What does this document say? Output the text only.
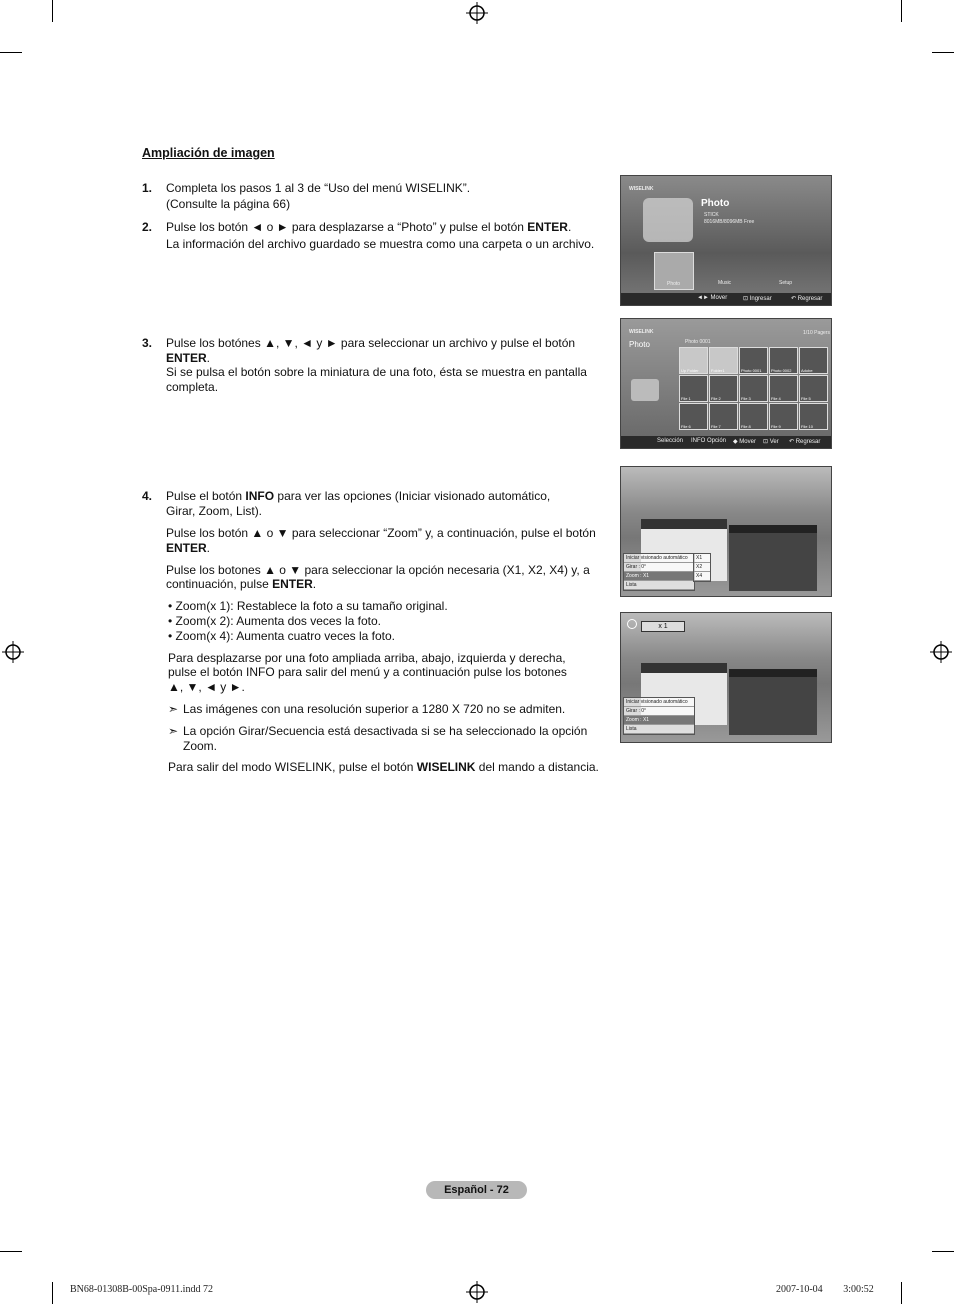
Ampliación de imagen
1. Completa los pasos 1 al 3 de “Uso del menú WISELINK”.
(Consulte la página 66)
2. Pulse los botón ◄ o ► para desplazarse a “Photo” y pulse el botón ENTER.
La información del archivo guardado se muestra como una carpeta o un archivo.
3. Pulse los botónes ▲, ▼, ◄ y ► para seleccionar un archivo y pulse el botón
ENTER.
Si se pulsa el botón sobre la miniatura de una foto, ésta se muestra en pantalla
completa.
4. Pulse el botón INFO para ver las opciones (Iniciar visionado automático,
Girar, Zoom, List).
Pulse los botón ▲ o ▼ para seleccionar “Zoom” y, a continuación, pulse el botón
ENTER.
Pulse los botones ▲ o ▼ para seleccionar la opción necesaria (X1, X2, X4) y, a
continuación, pulse ENTER.
• Zoom(x 1): Restablece la foto a su tamaño original.
• Zoom(x 2): Aumenta dos veces la foto.
• Zoom(x 4): Aumenta cuatro veces la foto.
Para desplazarse por una foto ampliada arriba, abajo, izquierda y derecha,
pulse el botón INFO para salir del menú y a continuación pulse los botones
▲, ▼, ◄ y ►.
➣ Las imágenes con una resolución superior a 1280 X 720 no se admiten.
➣ La opción Girar/Secuencia está desactivada si se ha seleccionado la opción
Zoom.
Para salir del modo WISELINK, pulse el botón WISELINK del mando a distancia.
WISELINK
Photo
STICK
8016MB/8096MB Free
Photo	Music	Setup
◄► Mover	⊡ Ingresar	↶ Regresar
WISELINK	1/10 Pagers
Photo	Photo 0001
Up Folder	Folder1	Photo 0001 Photo 0002 Adobe
File 1	File 2	File 3	File 4	File 5
File 6	File 7	File 8	File 9	File 10
Selección INFO Opción ◆ Mover ⊡ Ver ↶ Regresar
Iniciar visionado automático
Girar : 0°
Zoom : X1
Lista
X1
X2
X4
x 1
Iniciar visionado automático
Girar : 0°
Zoom : X1
Lista
Español - 72
BN68-01308B-00Spa-0911.indd 72	2007-10-04 ￿￿ 3:00:52
